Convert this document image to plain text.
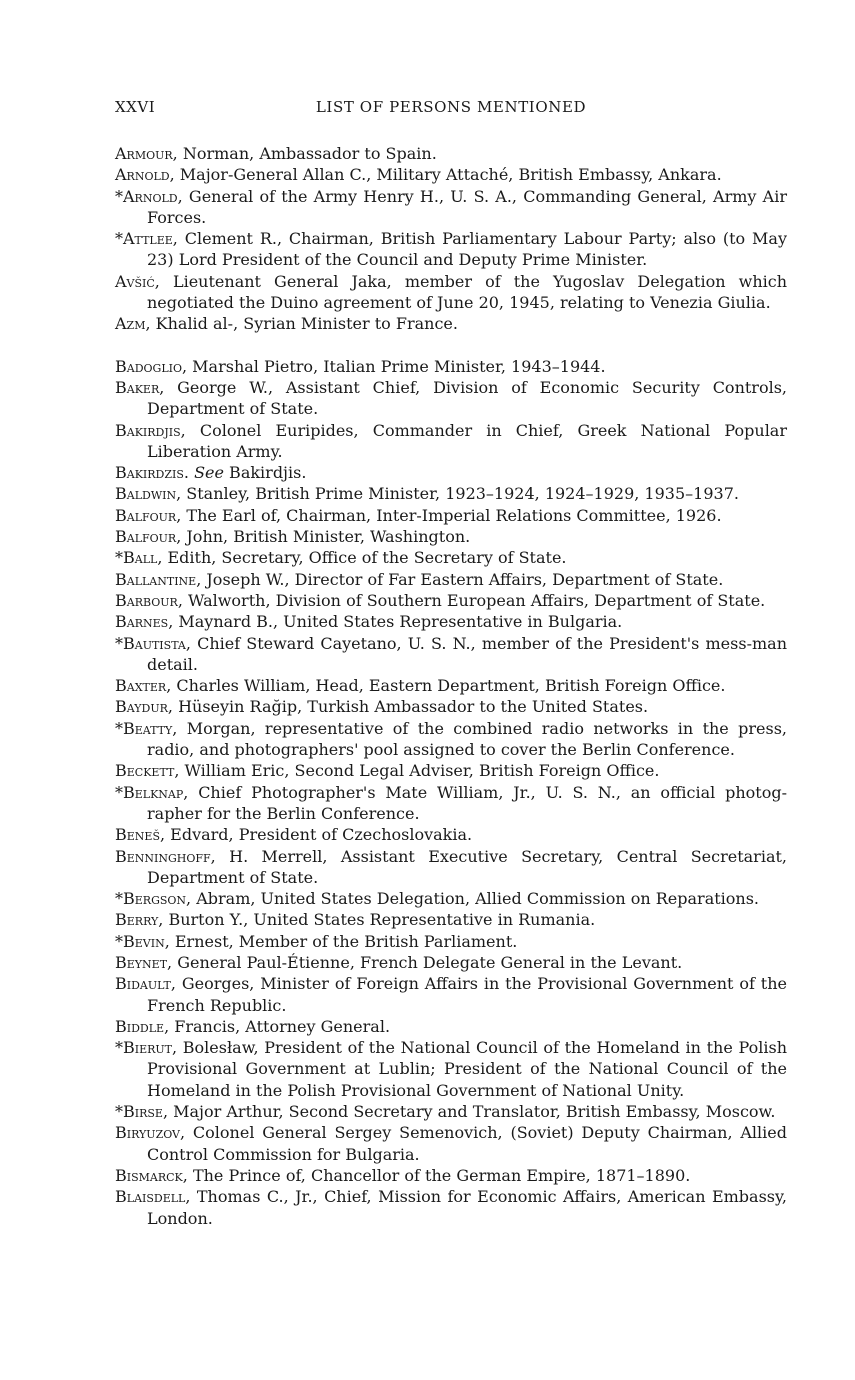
XXVI	LIST OF PERSONS MENTIONED

Armour, Norman, Ambassador to Spain.

Arnold, Major-General Allan C., Military Attaché, British Embassy, Ankara.

*Arnold, General of the Army Henry H., U. S. A., Commanding General, Army Air Forces.

*Attlee, Clement R., Chairman, British Parliamentary Labour Party; also (to May 23) Lord President of the Council and Deputy Prime Minister.

Avšić, Lieutenant General Jaka, member of the Yugoslav Delegation which negotiated the Duino agreement of June 20, 1945, relating to Venezia Giulia.

Azm, Khalid al-, Syrian Minister to France.

Badoglio, Marshal Pietro, Italian Prime Minister, 1943–1944.

Baker, George W., Assistant Chief, Division of Economic Security Controls, Department of State.

Bakirdjis, Colonel Euripides, Commander in Chief, Greek National Popular Liberation Army.

Bakirdzis. See Bakirdjis.

Baldwin, Stanley, British Prime Minister, 1923–1924, 1924–1929, 1935–1937.

Balfour, The Earl of, Chairman, Inter-Imperial Relations Committee, 1926.

Balfour, John, British Minister, Washington.

*Ball, Edith, Secretary, Office of the Secretary of State.

Ballantine, Joseph W., Director of Far Eastern Affairs, Department of State.

Barbour, Walworth, Division of Southern European Affairs, Department of State.

Barnes, Maynard B., United States Representative in Bulgaria.

*Bautista, Chief Steward Cayetano, U. S. N., member of the President's mess-man detail.

Baxter, Charles William, Head, Eastern Department, British Foreign Office.

Baydur, Hüseyin Rağip, Turkish Ambassador to the United States.

*Beatty, Morgan, representative of the combined radio networks in the press, radio, and photographers' pool assigned to cover the Berlin Conference.

Beckett, William Eric, Second Legal Adviser, British Foreign Office.

*Belknap, Chief Photographer's Mate William, Jr., U. S. N., an official photog-rapher for the Berlin Conference.

Beneš, Edvard, President of Czechoslovakia.

Benninghoff, H. Merrell, Assistant Executive Secretary, Central Secretariat, Department of State.

*Bergson, Abram, United States Delegation, Allied Commission on Reparations.

Berry, Burton Y., United States Representative in Rumania.

*Bevin, Ernest, Member of the British Parliament.

Beynet, General Paul-Étienne, French Delegate General in the Levant.

Bidault, Georges, Minister of Foreign Affairs in the Provisional Government of the French Republic.

Biddle, Francis, Attorney General.

*Bierut, Bolesław, President of the National Council of the Homeland in the Polish Provisional Government at Lublin; President of the National Council of the Homeland in the Polish Provisional Government of National Unity.

*Birse, Major Arthur, Second Secretary and Translator, British Embassy, Moscow.

Biryuzov, Colonel General Sergey Semenovich, (Soviet) Deputy Chairman, Allied Control Commission for Bulgaria.

Bismarck, The Prince of, Chancellor of the German Empire, 1871–1890.

Blaisdell, Thomas C., Jr., Chief, Mission for Economic Affairs, American Embassy, London.
